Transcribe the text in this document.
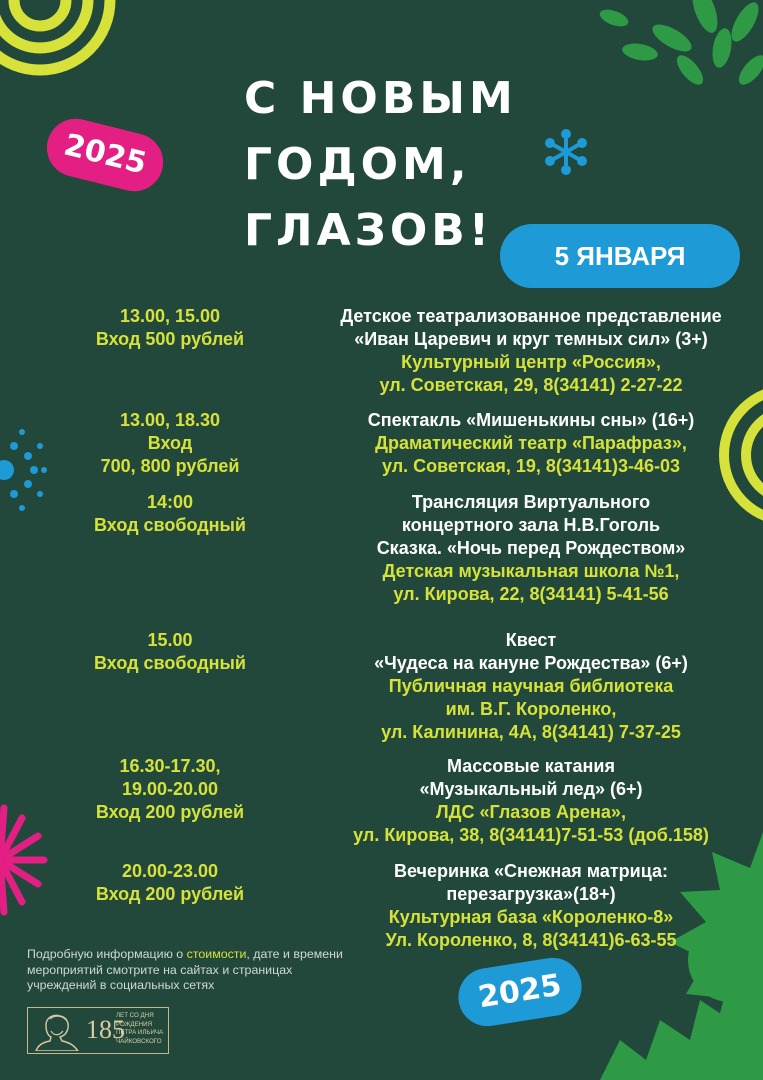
С НОВЫМ
ГОДОМ,
ГЛАЗОВ!
2025
5 ЯНВАРЯ
13.00, 15.00
Вход 500 рублей
Детское театрализованное представление
«Иван Царевич и круг темных сил» (3+)
Культурный центр «Россия»,
ул. Советская, 29, 8(34141) 2-27-22
13.00, 18.30
Вход
700, 800 рублей
Спектакль «Мишенькины сны» (16+)
Драматический театр «Парафраз»,
ул. Советская, 19, 8(34141)3-46-03
14:00
Вход свободный
Трансляция Виртуального
концертного зала Н.В.Гоголь
Сказка. «Ночь перед Рождеством»
Детская музыкальная школа №1,
ул. Кирова, 22, 8(34141) 5-41-56
15.00
Вход свободный
Квест
«Чудеса на кануне Рождества» (6+)
Публичная научная библиотека
им. В.Г. Короленко,
ул. Калинина, 4А, 8(34141) 7-37-25
16.30-17.30,
19.00-20.00
Вход 200 рублей
Массовые катания
«Музыкальный лед» (6+)
ЛДС «Глазов Арена»,
ул. Кирова, 38, 8(34141)7-51-53 (доб.158)
20.00-23.00
Вход 200 рублей
Вечеринка «Снежная матрица:
перезагрузка»(18+)
Культурная база «Короленко-8»
Ул. Короленко, 8, 8(34141)6-63-55
Подробную информацию о стоимости, дате и времени
мероприятий смотрите на сайтах и страницах
учреждений в социальных сетях
185
ЛЕТ СО ДНЯ
РОЖДЕНИЯ
ПЕТРА ИЛЬИЧА
ЧАЙКОВСКОГО
2025
